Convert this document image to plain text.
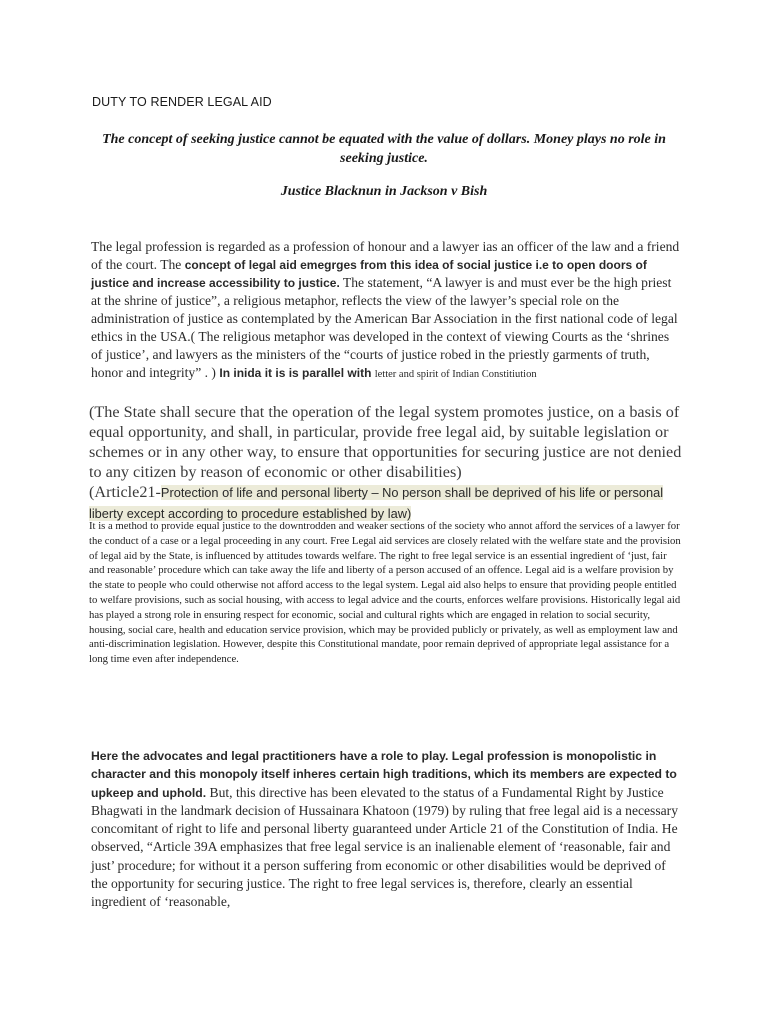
DUTY TO RENDER LEGAL AID
The concept of seeking justice cannot be equated with the value of dollars. Money plays no role in seeking justice.
Justice Blacknun in Jackson v Bish

The legal profession is regarded as a profession of honour and a lawyer ias an officer of the law and a friend of the court. The concept of legal aid emegrges from this idea of social justice i.e to open doors of justice and increase accessibility to justice. The statement, “A lawyer is and must ever be the high priest at the shrine of justice”, a religious metaphor, reflects the view of the lawyer’s special role on the administration of justice as contemplated by the American Bar Association in the first national code of legal ethics in the USA.( The religious metaphor was developed in the context of viewing Courts as the ‘shrines of justice’, and lawyers as the ministers of the “courts of justice robed in the priestly garments of truth, honor and integrity” . ) In inida it is is parallel with letter and spirit of Indian Constitiution

(The State shall secure that the operation of the legal system promotes justice, on a basis of equal opportunity, and shall, in particular, provide free legal aid, by suitable legislation or schemes or in any other way, to ensure that opportunities for securing justice are not denied to any citizen by reason of economic or other disabilities)
(Article21-Protection of life and personal liberty – No person shall be deprived of his life or personal liberty except according to procedure established by law)

It is a method to provide equal justice to the downtrodden and weaker sections of the society who annot afford the services of a lawyer for the conduct of a case or a legal proceeding in any court. Free Legal aid services are closely related with the welfare state and the provision of legal aid by the State, is influenced by attitudes towards welfare. The right to free legal service is an essential ingredient of ‘just, fair and reasonable’ procedure which can take away the life and liberty of a person accused of an offence. Legal aid is a welfare provision by the state to people who could otherwise not afford access to the legal system. Legal aid also helps to ensure that providing people entitled to welfare provisions, such as social housing, with access to legal advice and the courts, enforces welfare provisions. Historically legal aid has played a strong role in ensuring respect for economic, social and cultural rights which are engaged in relation to social security, housing, social care, health and education service provision, which may be provided publicly or privately, as well as employment law and anti-discrimination legislation. However, despite this Constitutional mandate, poor remain deprived of appropriate legal assistance for a long time even after independence.

Here the advocates and legal practitioners have a role to play. Legal profession is monopolistic in character and this monopoly itself inheres certain high traditions, which its members are expected to upkeep and uphold. But, this directive has been elevated to the status of a Fundamental Right by Justice Bhagwati in the landmark decision of Hussainara Khatoon (1979) by ruling that free legal aid is a necessary concomitant of right to life and personal liberty guaranteed under Article 21 of the Constitution of India. He observed, “Article 39A emphasizes that free legal service is an inalienable element of ‘reasonable, fair and just’ procedure; for without it a person suffering from economic or other disabilities would be deprived of the opportunity for securing justice. The right to free legal services is, therefore, clearly an essential ingredient of ‘reasonable,
